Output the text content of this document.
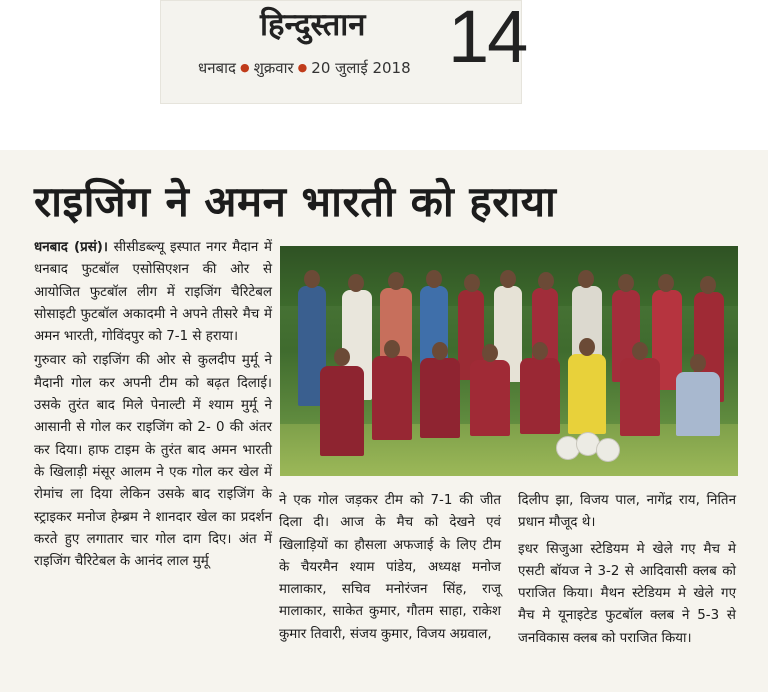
हिन्दुस्तान
धनबाद ● शुक्रवार ● 20 जुलाई 2018 14
राइजिंग ने अमन भारती को हराया

धनबाद (प्रसं)। सीसीडब्ल्यू इस्पात नगर मैदान में धनबाद फुटबॉल एसोसिएशन की ओर से आयोजित फुटबॉल लीग में राइजिंग चैरिटेबल सोसाइटी फुटबॉल अकादमी ने अपने तीसरे मैच में अमन भारती, गोविंदपुर को 7-1 से हराया।

गुरुवार को राइजिंग की ओर से कुलदीप मुर्मू ने मैदानी गोल कर अपनी टीम को बढ़त दिलाई। उसके तुरंत बाद मिले पेनाल्टी में श्याम मुर्मू ने आसानी से गोल कर राइजिंग को 2- 0 की अंतर कर दिया। हाफ टाइम के तुरंत बाद अमन भारती के खिलाड़ी मंसूर आलम ने एक गोल कर खेल में रोमांच ला दिया लेकिन उसके बाद राइजिंग के स्ट्राइकर मनोज हेम्ब्रम ने शानदार खेल का प्रदर्शन करते हुए लगातार चार गोल दाग दिए। अंत में राइजिंग चैरिटेबल के आनंद लाल मुर्मू

ने एक गोल जड़कर टीम को 7-1 की जीत दिला दी। आज के मैच को देखने एवं खिलाड़ियों का हौसला अफजाई के लिए टीम के चैयरमैन श्याम पांडेय, अध्यक्ष मनोज मालाकार, सचिव मनोरंजन सिंह, राजू मालाकार, साकेत कुमार, गौतम साहा, राकेश कुमार तिवारी, संजय कुमार, विजय अग्रवाल,

दिलीप झा, विजय पाल, नागेंद्र राय, नितिन प्रधान मौजूद थे।

इधर सिजुआ स्टेडियम मे खेले गए मैच मे एसटी बॉयज ने 3-2 से आदिवासी क्लब को पराजित किया। मैथन स्टेडियम मे खेले गए मैच मे यूनाइटेड फुटबॉल क्लब ने 5-3 से जनविकास क्लब को पराजित किया।
